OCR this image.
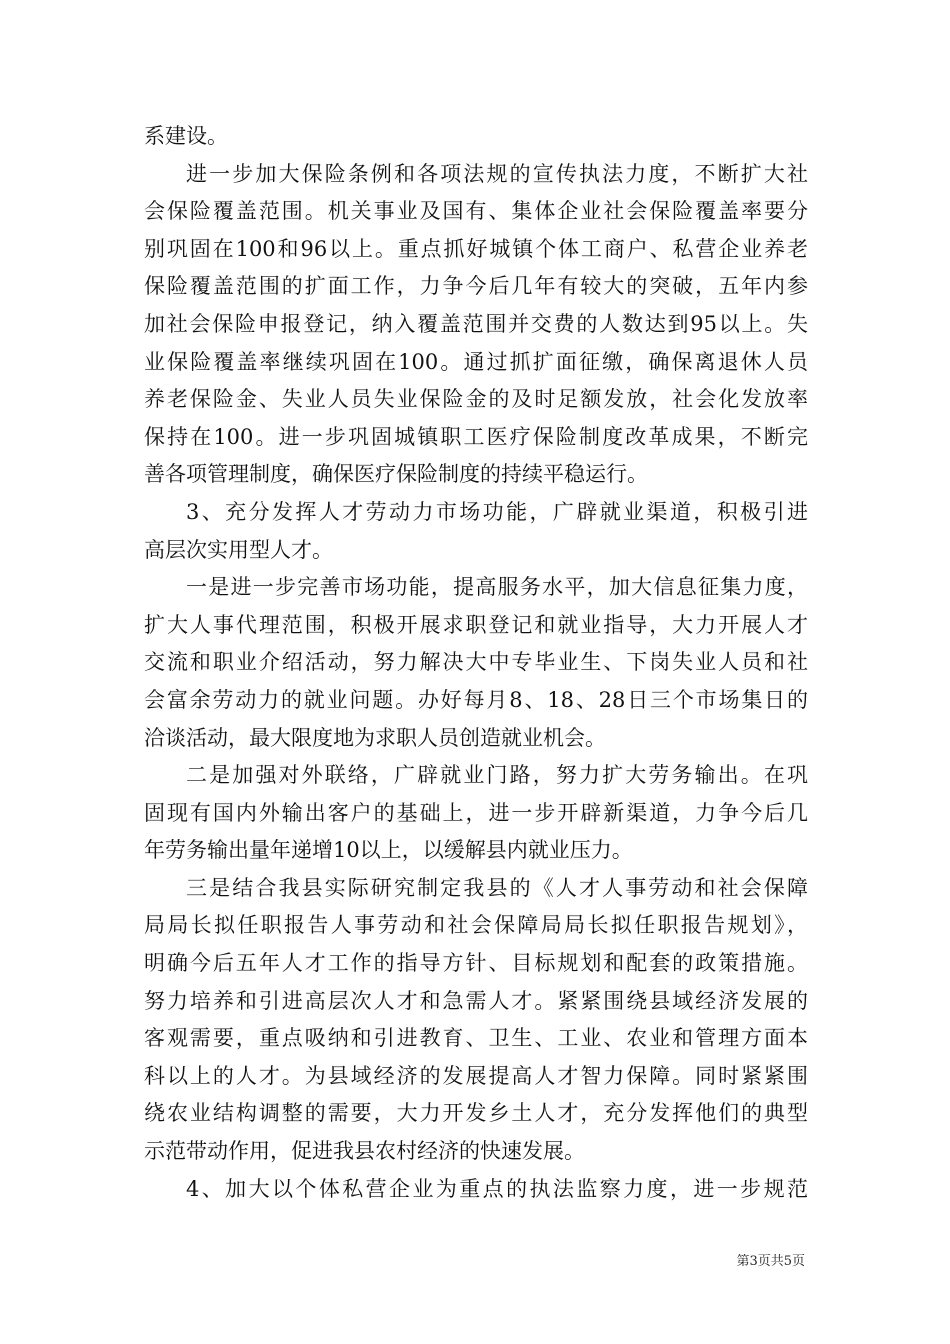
系建设。
进一步加大保险条例和各项法规的宣传执法力度，不断扩大社
会保险覆盖范围。机关事业及国有、集体企业社会保险覆盖率要分
别巩固在100和96以上。重点抓好城镇个体工商户、私营企业养老
保险覆盖范围的扩面工作，力争今后几年有较大的突破，五年内参
加社会保险申报登记，纳入覆盖范围并交费的人数达到95以上。失
业保险覆盖率继续巩固在100。通过抓扩面征缴，确保离退休人员
养老保险金、失业人员失业保险金的及时足额发放，社会化发放率
保持在100。进一步巩固城镇职工医疗保险制度改革成果，不断完
善各项管理制度，确保医疗保险制度的持续平稳运行。
3、充分发挥人才劳动力市场功能，广辟就业渠道，积极引进
高层次实用型人才。
一是进一步完善市场功能，提高服务水平，加大信息征集力度，
扩大人事代理范围，积极开展求职登记和就业指导，大力开展人才
交流和职业介绍活动，努力解决大中专毕业生、下岗失业人员和社
会富余劳动力的就业问题。办好每月8、18、28日三个市场集日的
洽谈活动，最大限度地为求职人员创造就业机会。
二是加强对外联络，广辟就业门路，努力扩大劳务输出。在巩
固现有国内外输出客户的基础上，进一步开辟新渠道，力争今后几
年劳务输出量年递增10以上，以缓解县内就业压力。
三是结合我县实际研究制定我县的《人才人事劳动和社会保障
局局长拟任职报告人事劳动和社会保障局局长拟任职报告规划》，
明确今后五年人才工作的指导方针、目标规划和配套的政策措施。
努力培养和引进高层次人才和急需人才。紧紧围绕县域经济发展的
客观需要，重点吸纳和引进教育、卫生、工业、农业和管理方面本
科以上的人才。为县域经济的发展提高人才智力保障。同时紧紧围
绕农业结构调整的需要，大力开发乡土人才，充分发挥他们的典型
示范带动作用，促进我县农村经济的快速发展。
4、加大以个体私营企业为重点的执法监察力度，进一步规范
第3页共5页
